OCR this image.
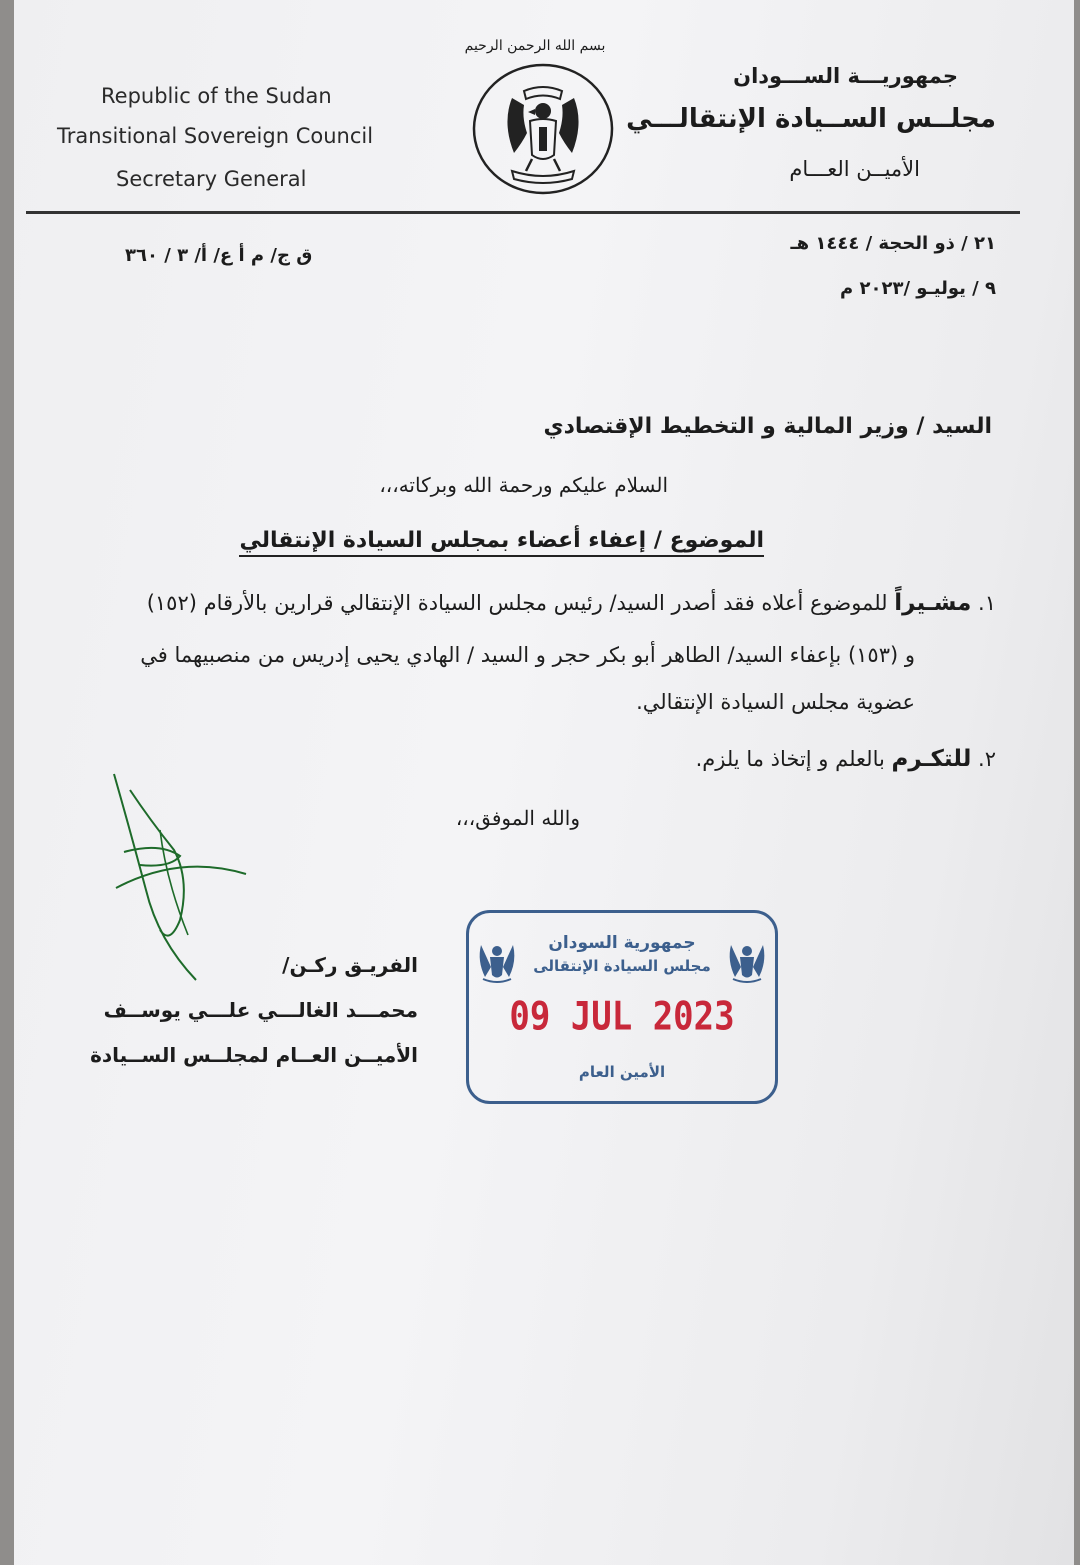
Republic of the Sudan
Transitional Sovereign Council
Secretary General
بسم الله الرحمن الرحيم
جمهوريـــة الســـودان
مجلــس الســيادة الإنتقالـــي
الأميــن العـــام
ق ج/ م أ ع/ أ/ ٣ / ٣٦٠
٢١ / ذو الحجة / ١٤٤٤ هـ
٩ / يوليـو /٢٠٢٣ م
السيد / وزير المالية و التخطيط الإقتصادي
السلام عليكم ورحمة الله وبركاته،،،
الموضوع / إعفاء أعضاء بمجلس السيادة الإنتقالي
١. مشـيراً للموضوع أعلاه فقد أصدر السيد/ رئيس مجلس السيادة الإنتقالي قرارين بالأرقام (١٥٢)
و (١٥٣) بإعفاء السيد/ الطاهر أبو بكر حجر و السيد / الهادي يحيى إدريس من منصبيهما في
عضوية مجلس السيادة الإنتقالي.
٢. للتكـرم بالعلم و إتخاذ ما يلزم.
والله الموفق،،،
الفريـق ركـن/
محمـــد الغالـــي علـــي يوســف
الأميــن العــام لمجلــس الســيادة
جمهورية السودان
مجلس السيادة الإنتقالى
09 JUL 2023
الأمين العام
